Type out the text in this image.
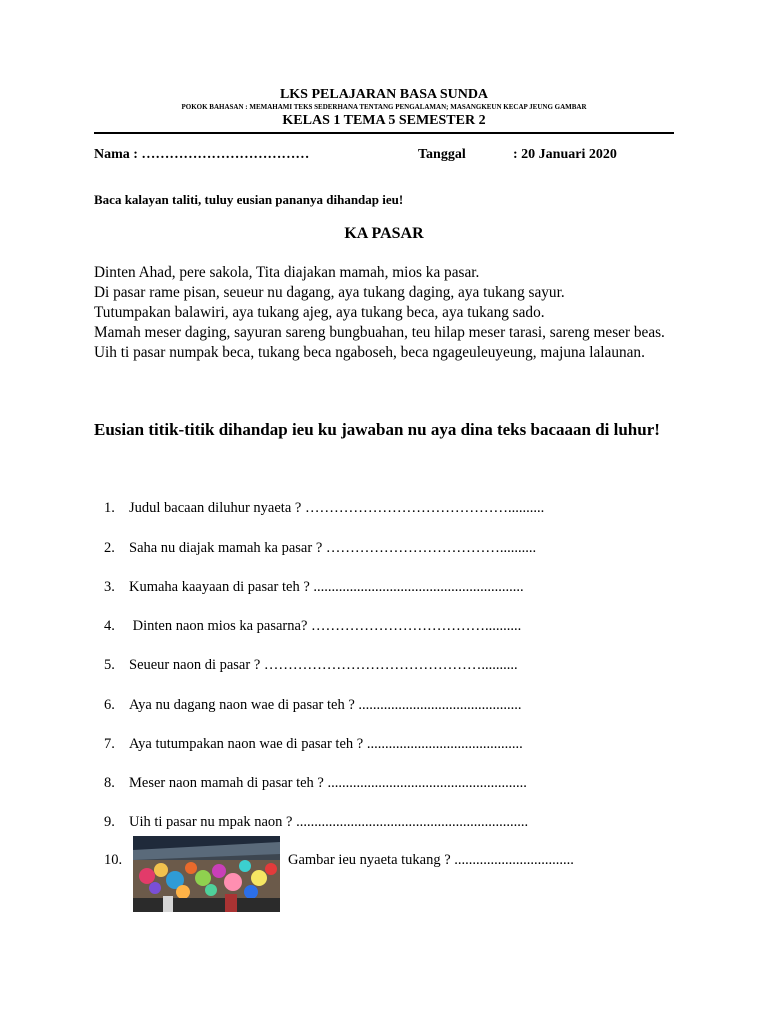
LKS PELAJARAN BASA SUNDA
POKOK BAHASAN : MEMAHAMI TEKS SEDERHANA TENTANG PENGALAMAN; MASANGKEUN KECAP JEUNG GAMBAR
KELAS 1 TEMA 5 SEMESTER 2
Nama : ………………………………	Tanggal	: 20 Januari 2020
Baca kalayan taliti, tuluy eusian pananya dihandap ieu!
KA PASAR

Dinten Ahad, pere sakola, Tita diajakan mamah, mios ka pasar.

Di pasar rame pisan, seueur nu dagang, aya tukang daging, aya tukang sayur.

Tutumpakan balawiri, aya tukang ajeg, aya tukang beca, aya tukang sado.

Mamah meser daging, sayuran sareng bungbuahan, teu hilap meser tarasi, sareng meser beas.

Uih ti pasar numpak beca, tukang beca ngaboseh, beca ngageuleuyeung, majuna lalaunan.

Eusian titik-titik dihandap ieu ku jawaban nu aya dina teks bacaaan di luhur!
1. Judul bacaan diluhur nyaeta ? ……………………………………..........
2. Saha nu diajak mamah ka pasar ? ………………………………..........
3. Kumaha kaayaan di pasar teh ? ..........................................................
4. Dinten naon mios ka pasarna? ………………………………..........
5. Seueur naon di pasar ? ………………………………………..........
6. Aya nu dagang naon wae di pasar teh ? .............................................
7. Aya tutumpakan naon wae di pasar teh ? ...........................................
8. Meser naon mamah di pasar teh ? .......................................................
9. Uih ti pasar nu mpak naon ? ................................................................
10.	Gambar ieu nyaeta tukang ? .................................
